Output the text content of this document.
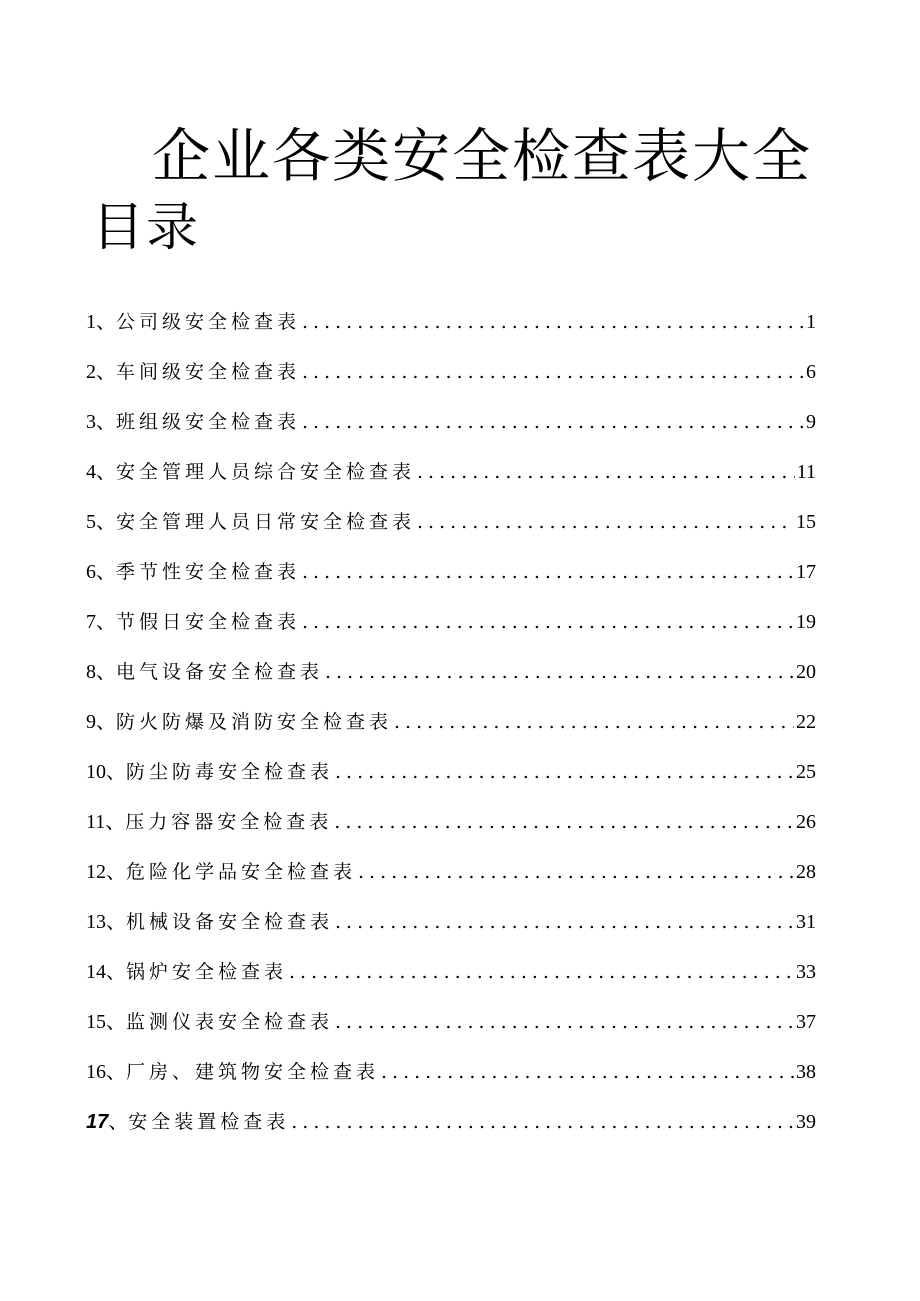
企业各类安全检查表大全
目录
1、 公司级安全检查表 .....	1
2、 车间级安全检查表 .....	6
3、 班组级安全检查表 .....	9
4、 安全管理人员综合安全检查表 .....	11
5、 安全管理人员日常安全检查表 .....	15
6、 季节性安全检查表 .....	17
7、 节假日安全检查表 .....	19
8、 电气设备安全检查表 .....	20
9、 防火防爆及消防安全检查表 .....	22
10、 防尘防毒安全检查表 .....	25
11、 压力容器安全检查表 .....	26
12、 危险化学品安全检查表 .....	28
13、 机械设备安全检查表 .....	31
14、 锅炉安全检查表 .....	33
15、 监测仪表安全检查表 .....	37
16、 厂房、建筑物安全检查表 .....	38
17 、 安全装置检查表 .....	39
